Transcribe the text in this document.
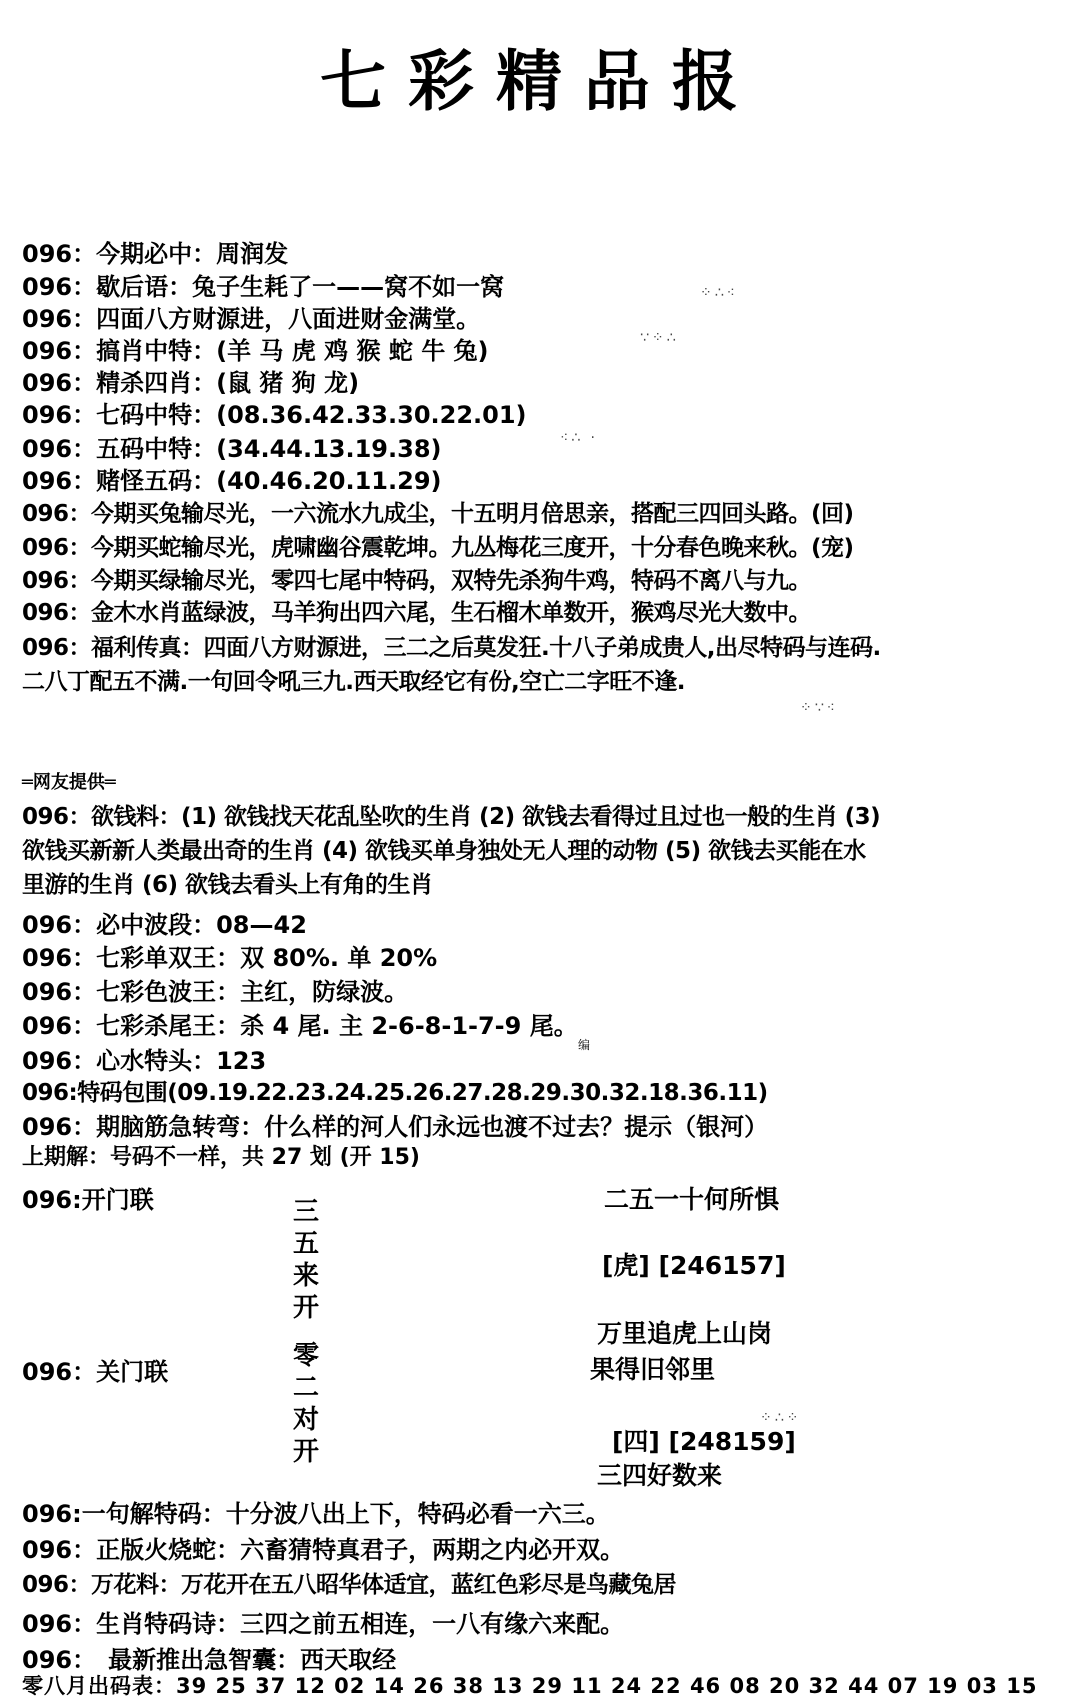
七彩精品报
096：今期必中：周润发
096：歇后语：兔子生耗了一——窝不如一窝
096：四面八方财源进，八面进财金满堂。
096：搞肖中特：(羊 马 虎 鸡 猴 蛇 牛 兔)
096：精杀四肖：(鼠 猪 狗 龙)
096：七码中特：(08.36.42.33.30.22.01)
096：五码中特：(34.44.13.19.38)
096：赌怪五码：(40.46.20.11.29)
096：今期买兔输尽光，一六流水九成尘，十五明月倍思亲，搭配三四回头路。(回)
096：今期买蛇输尽光，虎啸幽谷震乾坤。九丛梅花三度开，十分春色晚来秋。(宠)
096：今期买绿输尽光，零四七尾中特码，双特先杀狗牛鸡，特码不离八与九。
096：金木水肖蓝绿波，马羊狗出四六尾，生石榴木单数开，猴鸡尽光大数中。
096：福利传真：四面八方财源进，三二之后莫发狂.十八子弟成贵人,出尽特码与连码.
二八丁配五不满.一句回令吼三九.西天取经它有份,空亡二字旺不逢.
═网友提供═
096：欲钱料：(1) 欲钱找天花乱坠吹的生肖 (2) 欲钱去看得过且过也一般的生肖 (3)
欲钱买新新人类最出奇的生肖 (4) 欲钱买单身独处无人理的动物 (5) 欲钱去买能在水
里游的生肖 (6) 欲钱去看头上有角的生肖
096：必中波段：08—42
096：七彩单双王：双 80%. 单 20%
096：七彩色波王：主红，防绿波。
096：七彩杀尾王：杀 4 尾. 主 2-6-8-1-7-9 尾。
096：心水特头：123
096:特码包围(09.19.22.23.24.25.26.27.28.29.30.32.18.36.11)
096：期脑筋急转弯：什么样的河人们永远也渡不过去？提示（银河）
上期解：号码不一样，共 27 划 (开 15)
096:开门联	三五来开
096：关门联
零二对开
二五一十何所惧
[虎] [246157]
万里追虎上山岗
果得旧邻里
[四] [248159]
三四好数来
096:一句解特码：十分波八出上下，特码必看一六三。
096：正版火烧蛇：六畜猜特真君子，两期之内必开双。
096：万花料：万花开在五八昭华体适宜，蓝红色彩尽是鸟藏兔居
096：生肖特码诗：三四之前五相连，一八有缘六来配。
096：　最新推出急智囊：西天取经
零八月出码表：39 25 37 12 02 14 26 38 13 29 11 24 22 46 08 20 32 44 07 19 03 15
编
⁘∴⁖
∵⁘∴
⁖∴ ·
⁘∵⁖
⁘∴⁘
